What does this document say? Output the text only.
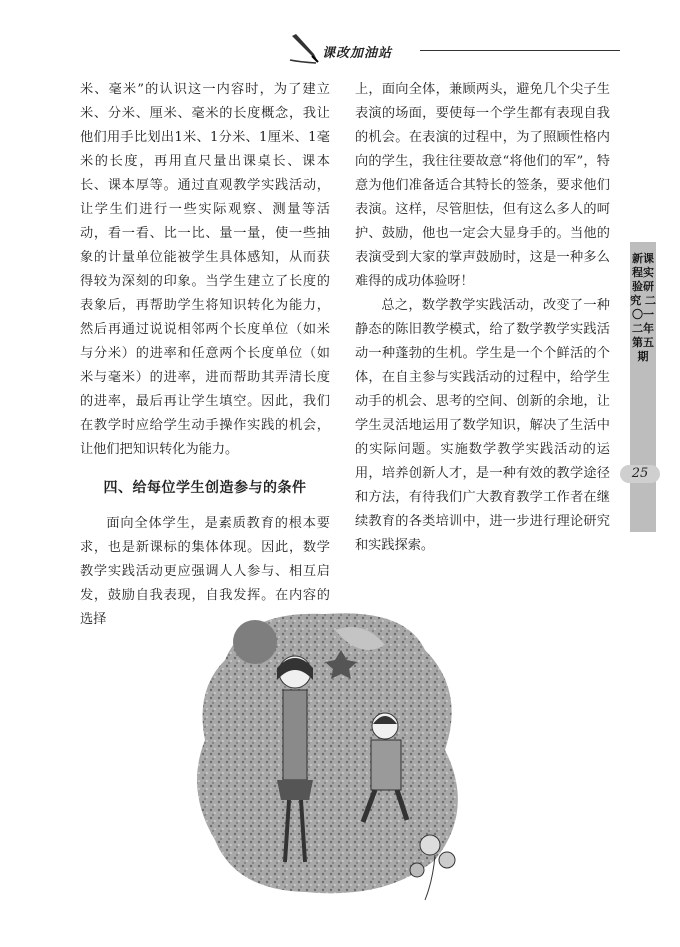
课改加油站
新课程实验研究 二〇一二年 第五期
25

米、毫米”的认识这一内容时，为了建立米、分米、厘米、毫米的长度概念，我让他们用手比划出1米、1分米、1厘米、1毫米的长度，再用直尺量出课桌长、课本长、课本厚等。通过直观教学实践活动，让学生们进行一些实际观察、测量等活动，看一看、比一比、量一量，使一些抽象的计量单位能被学生具体感知，从而获得较为深刻的印象。当学生建立了长度的表象后，再帮助学生将知识转化为能力，然后再通过说说相邻两个长度单位（如米与分米）的进率和任意两个长度单位（如米与毫米）的进率，进而帮助其弄清长度的进率，最后再让学生填空。因此，我们在教学时应给学生动手操作实践的机会，让他们把知识转化为能力。

四、给每位学生创造参与的条件

面向全体学生，是素质教育的根本要求，也是新课标的集体体现。因此，数学教学实践活动更应强调人人参与、相互启发，鼓励自我表现，自我发挥。在内容的选择

上，面向全体，兼顾两头，避免几个尖子生表演的场面，要使每一个学生都有表现自我的机会。在表演的过程中，为了照顾性格内向的学生，我往往要故意“将他们的军”，特意为他们准备适合其特长的签条，要求他们表演。这样，尽管胆怯，但有这么多人的呵护、鼓励，他也一定会大显身手的。当他的表演受到大家的掌声鼓励时，这是一种多么难得的成功体验呀！

总之，数学教学实践活动，改变了一种静态的陈旧教学模式，给了数学教学实践活动一种蓬勃的生机。学生是一个个鲜活的个体，在自主参与实践活动的过程中，给学生动手的机会、思考的空间、创新的余地，让学生灵活地运用了数学知识，解决了生活中的实际问题。实施数学教学实践活动的运用，培养创新人才，是一种有效的教学途径和方法，有待我们广大教育教学工作者在继续教育的各类培训中，进一步进行理论研究和实践探索。
